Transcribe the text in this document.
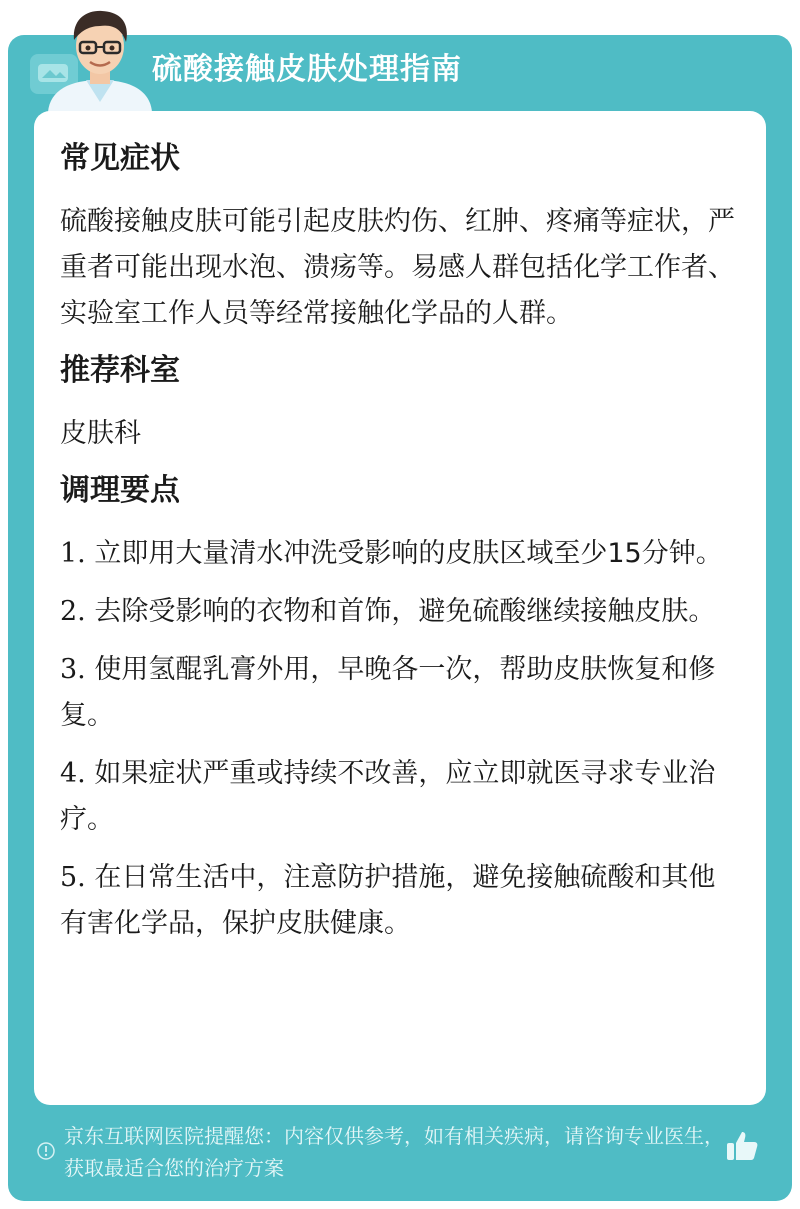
硫酸接触皮肤处理指南
常见症状
硫酸接触皮肤可能引起皮肤灼伤、红肿、疼痛等症状，严重者可能出现水泡、溃疡等。易感人群包括化学工作者、实验室工作人员等经常接触化学品的人群。
推荐科室
皮肤科
调理要点
1. 立即用大量清水冲洗受影响的皮肤区域至少15分钟。
2. 去除受影响的衣物和首饰，避免硫酸继续接触皮肤。
3. 使用氢醌乳膏外用，早晚各一次，帮助皮肤恢复和修复。
4. 如果症状严重或持续不改善，应立即就医寻求专业治疗。
5. 在日常生活中，注意防护措施，避免接触硫酸和其他有害化学品，保护皮肤健康。
京东互联网医院提醒您：内容仅供参考，如有相关疾病，请咨询专业医生，获取最适合您的治疗方案
